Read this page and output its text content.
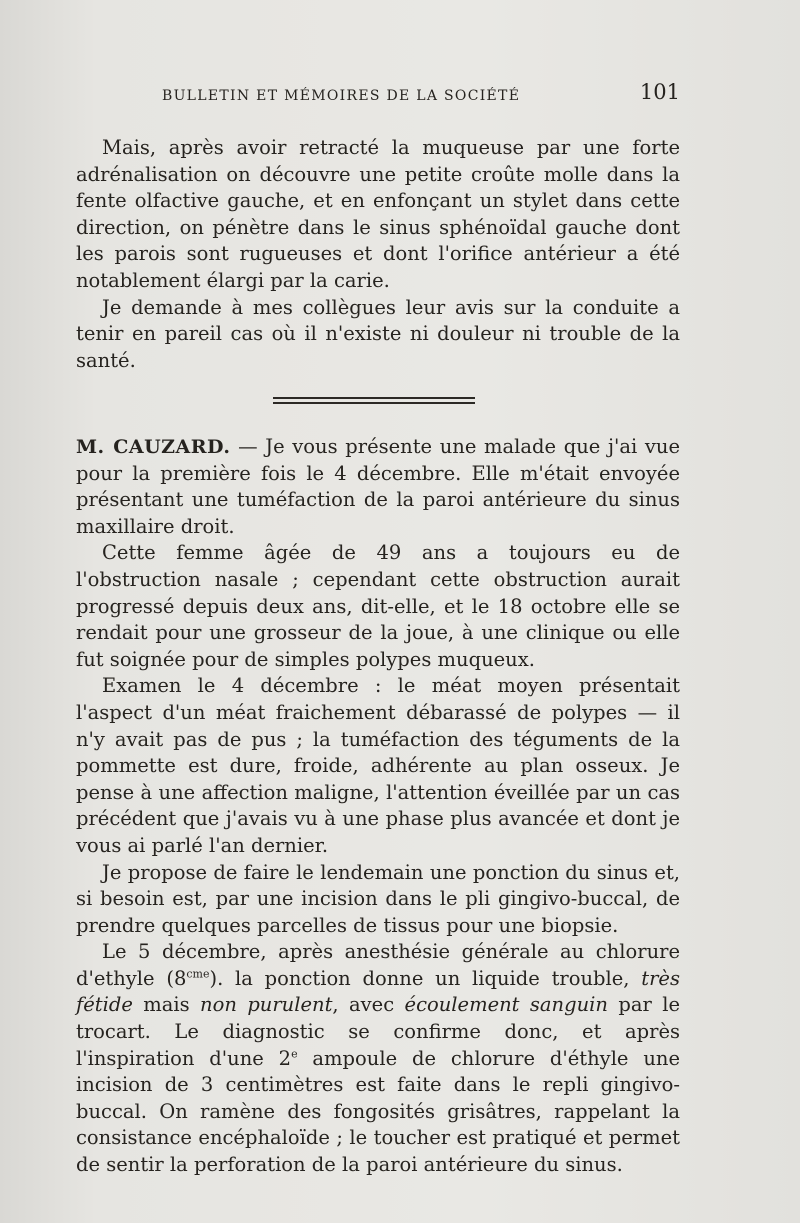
BULLETIN ET MÉMOIRES DE LA SOCIÉTÉ	101

Mais, après avoir retracté la muqueuse par une forte adrénalisation on découvre une petite croûte molle dans la fente olfactive gauche, et en enfonçant un stylet dans cette direction, on pénètre dans le sinus sphénoïdal gauche dont les parois sont rugueuses et dont l'orifice antérieur a été notablement élargi par la carie.

Je demande à mes collègues leur avis sur la conduite a tenir en pareil cas où il n'existe ni douleur ni trouble de la santé.

M. CAUZARD. — Je vous présente une malade que j'ai vue pour la première fois le 4 décembre. Elle m'était envoyée présentant une tuméfaction de la paroi antérieure du sinus maxillaire droit.

Cette femme âgée de 49 ans a toujours eu de l'obstruction nasale ; cependant cette obstruction aurait progressé depuis deux ans, dit-elle, et le 18 octobre elle se rendait pour une grosseur de la joue, à une clinique ou elle fut soignée pour de simples polypes muqueux.

Examen le 4 décembre : le méat moyen présentait l'aspect d'un méat fraichement débarassé de polypes — il n'y avait pas de pus ; la tuméfaction des téguments de la pommette est dure, froide, adhérente au plan osseux. Je pense à une affection maligne, l'attention éveillée par un cas précédent que j'avais vu à une phase plus avancée et dont je vous ai parlé l'an dernier.

Je propose de faire le lendemain une ponction du sinus et, si besoin est, par une incision dans le pli gingivo-buccal, de prendre quelques parcelles de tissus pour une biopsie.

Le 5 décembre, après anesthésie générale au chlorure d'ethyle $(8^{cme})$. la ponction donne un liquide trouble, très fétide mais non purulent, avec écoulement sanguin par le trocart. Le diagnostic se confirme donc, et après l'inspiration d'une 2e ampoule de chlorure d'éthyle une incision de 3 centimètres est faite dans le repli gingivo-buccal. On ramène des fongosités grisâtres, rappelant la consistance encéphaloïde ; le toucher est pratiqué et permet de sentir la perforation de la paroi antérieure du sinus.
